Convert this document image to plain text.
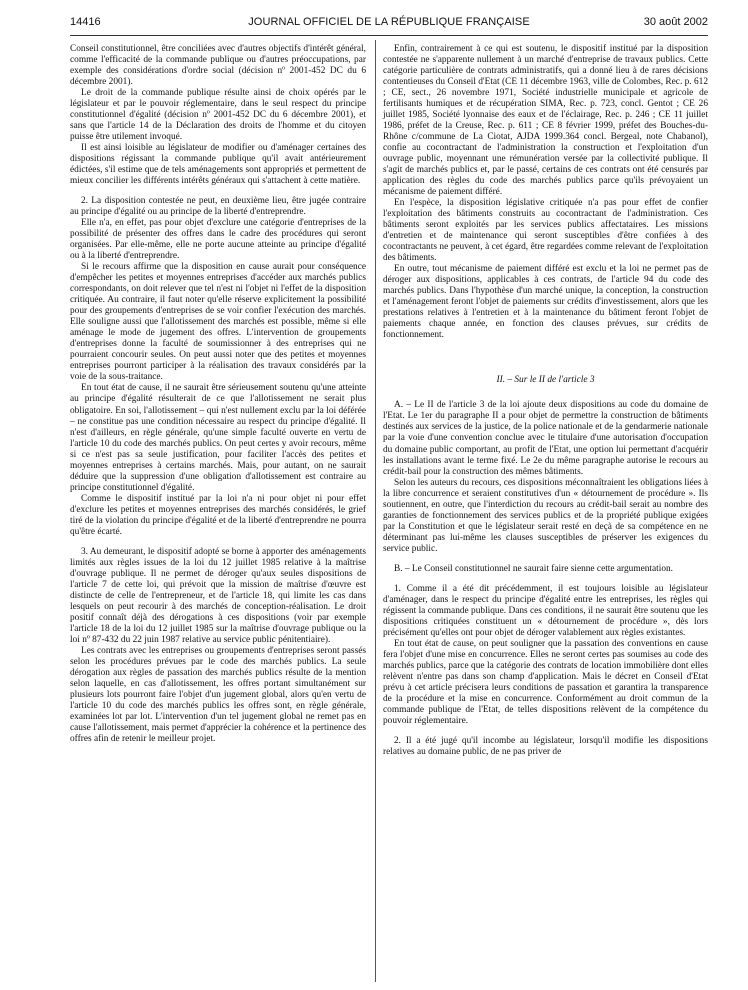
14416	JOURNAL OFFICIEL DE LA RÉPUBLIQUE FRANÇAISE	30 août 2002

Conseil constitutionnel, être conciliées avec d'autres objectifs d'intérêt général, comme l'efficacité de la commande publique ou d'autres préoccupations, par exemple des considérations d'ordre social (décision nº 2001-452 DC du 6 décembre 2001).

Le droit de la commande publique résulte ainsi de choix opérés par le législateur et par le pouvoir réglementaire, dans le seul respect du principe constitutionnel d'égalité (décision nº 2001-452 DC du 6 décembre 2001), et sans que l'article 14 de la Déclaration des droits de l'homme et du citoyen puisse être utilement invoqué.

Il est ainsi loisible au législateur de modifier ou d'aménager certaines des dispositions régissant la commande publique qu'il avait antérieurement édictées, s'il estime que de tels aménagements sont appropriés et permettent de mieux concilier les différents intérêts généraux qui s'attachent à cette matière.

2. La disposition contestée ne peut, en deuxième lieu, être jugée contraire au principe d'égalité ou au principe de la liberté d'entreprendre.

Elle n'a, en effet, pas pour objet d'exclure une catégorie d'entreprises de la possibilité de présenter des offres dans le cadre des procédures qui seront organisées. Par elle-même, elle ne porte aucune atteinte au principe d'égalité ou à la liberté d'entreprendre.

Si le recours affirme que la disposition en cause aurait pour conséquence d'empêcher les petites et moyennes entreprises d'accéder aux marchés publics correspondants, on doit relever que tel n'est ni l'objet ni l'effet de la disposition critiquée. Au contraire, il faut noter qu'elle réserve explicitement la possibilité pour des groupements d'entreprises de se voir confier l'exécution des marchés. Elle souligne aussi que l'allotissement des marchés est possible, même si elle aménage le mode de jugement des offres. L'intervention de groupements d'entreprises donne la faculté de soumissionner à des entreprises qui ne pourraient concourir seules. On peut aussi noter que des petites et moyennes entreprises pourront participer à la réalisation des travaux considérés par la voie de la sous-traitance.

En tout état de cause, il ne saurait être sérieusement soutenu qu'une atteinte au principe d'égalité résulterait de ce que l'allotissement ne serait plus obligatoire. En soi, l'allotissement – qui n'est nullement exclu par la loi déférée – ne constitue pas une condition nécessaire au respect du principe d'égalité. Il n'est d'ailleurs, en règle générale, qu'une simple faculté ouverte en vertu de l'article 10 du code des marchés publics. On peut certes y avoir recours, même si ce n'est pas sa seule justification, pour faciliter l'accès des petites et moyennes entreprises à certains marchés. Mais, pour autant, on ne saurait déduire que la suppression d'une obligation d'allotissement est contraire au principe constitutionnel d'égalité.

Comme le dispositif institué par la loi n'a ni pour objet ni pour effet d'exclure les petites et moyennes entreprises des marchés considérés, le grief tiré de la violation du principe d'égalité et de la liberté d'entreprendre ne pourra qu'être écarté.

3. Au demeurant, le dispositif adopté se borne à apporter des aménagements limités aux règles issues de la loi du 12 juillet 1985 relative à la maîtrise d'ouvrage publique. Il ne permet de déroger qu'aux seules dispositions de l'article 7 de cette loi, qui prévoit que la mission de maîtrise d'œuvre est distincte de celle de l'entrepreneur, et de l'article 18, qui limite les cas dans lesquels on peut recourir à des marchés de conception-réalisation. Le droit positif connaît déjà des dérogations à ces dispositions (voir par exemple l'article 18 de la loi du 12 juillet 1985 sur la maîtrise d'ouvrage publique ou la loi nº 87-432 du 22 juin 1987 relative au service public pénitentiaire).

Les contrats avec les entreprises ou groupements d'entreprises seront passés selon les procédures prévues par le code des marchés publics. La seule dérogation aux règles de passation des marchés publics résulte de la mention selon laquelle, en cas d'allotissement, les offres portant simultanément sur plusieurs lots pourront faire l'objet d'un jugement global, alors qu'en vertu de l'article 10 du code des marchés publics les offres sont, en règle générale, examinées lot par lot. L'intervention d'un tel jugement global ne remet pas en cause l'allotissement, mais permet d'apprécier la cohérence et la pertinence des offres afin de retenir le meilleur projet.

Enfin, contrairement à ce qui est soutenu, le dispositif institué par la disposition contestée ne s'apparente nullement à un marché d'entreprise de travaux publics. Cette catégorie particulière de contrats administratifs, qui a donné lieu à de rares décisions contentieuses du Conseil d'Etat (CE 11 décembre 1963, ville de Colombes, Rec. p. 612 ; CE, sect., 26 novembre 1971, Société industrielle municipale et agricole de fertilisants humiques et de récupération SIMA, Rec. p. 723, concl. Gentot ; CE 26 juillet 1985, Société lyonnaise des eaux et de l'éclairage, Rec. p. 246 ; CE 11 juillet 1986, préfet de la Creuse, Rec. p. 611 ; CE 8 février 1999, préfet des Bouches-du-Rhône c/commune de La Ciotat, AJDA 1999.364 concl. Bergeal, note Chabanol), confie au cocontractant de l'administration la construction et l'exploitation d'un ouvrage public, moyennant une rémunération versée par la collectivité publique. Il s'agit de marchés publics et, par le passé, certains de ces contrats ont été censurés par application des règles du code des marchés publics parce qu'ils prévoyaient un mécanisme de paiement différé.

En l'espèce, la disposition législative critiquée n'a pas pour effet de confier l'exploitation des bâtiments construits au cocontractant de l'administration. Ces bâtiments seront exploités par les services publics affectataires. Les missions d'entretien et de maintenance qui seront susceptibles d'être confiées à des cocontractants ne peuvent, à cet égard, être regardées comme relevant de l'exploitation des bâtiments.

En outre, tout mécanisme de paiement différé est exclu et la loi ne permet pas de déroger aux dispositions, applicables à ces contrats, de l'article 94 du code des marchés publics. Dans l'hypothèse d'un marché unique, la conception, la construction et l'aménagement feront l'objet de paiements sur crédits d'investissement, alors que les prestations relatives à l'entretien et à la maintenance du bâtiment feront l'objet de paiements chaque année, en fonction des clauses prévues, sur crédits de fonctionnement.

II. – Sur le II de l'article 3

A. – Le II de l'article 3 de la loi ajoute deux dispositions au code du domaine de l'Etat. Le 1er du paragraphe II a pour objet de permettre la construction de bâtiments destinés aux services de la justice, de la police nationale et de la gendarmerie nationale par la voie d'une convention conclue avec le titulaire d'une autorisation d'occupation du domaine public comportant, au profit de l'Etat, une option lui permettant d'acquérir les installations avant le terme fixé. Le 2e du même paragraphe autorise le recours au crédit-bail pour la construction des mêmes bâtiments.

Selon les auteurs du recours, ces dispositions méconnaîtraient les obligations liées à la libre concurrence et seraient constitutives d'un « détournement de procédure ». Ils soutiennent, en outre, que l'interdiction du recours au crédit-bail serait au nombre des garanties de fonctionnement des services publics et de la propriété publique exigées par la Constitution et que le législateur serait resté en deçà de sa compétence en ne déterminant pas lui-même les clauses susceptibles de préserver les exigences du service public.

B. – Le Conseil constitutionnel ne saurait faire sienne cette argumentation.

1. Comme il a été dit précédemment, il est toujours loisible au législateur d'aménager, dans le respect du principe d'égalité entre les entreprises, les règles qui régissent la commande publique. Dans ces conditions, il ne saurait être soutenu que les dispositions critiquées constituent un « détournement de procédure », dès lors précisément qu'elles ont pour objet de déroger valablement aux règles existantes.

En tout état de cause, on peut souligner que la passation des conventions en cause fera l'objet d'une mise en concurrence. Elles ne seront certes pas soumises au code des marchés publics, parce que la catégorie des contrats de location immobilière dont elles relèvent n'entre pas dans son champ d'application. Mais le décret en Conseil d'Etat prévu à cet article précisera leurs conditions de passation et garantira la transparence de la procédure et la mise en concurrence. Conformément au droit commun de la commande publique de l'Etat, de telles dispositions relèvent de la compétence du pouvoir réglementaire.

2. Il a été jugé qu'il incombe au législateur, lorsqu'il modifie les dispositions relatives au domaine public, de ne pas priver de
